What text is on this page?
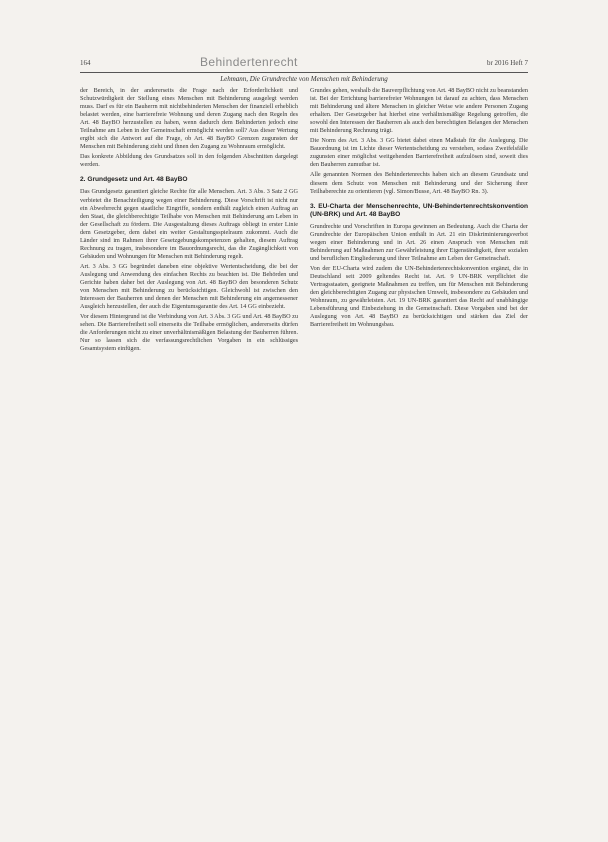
164	Behindertenrecht	br 2016 Heft 7
Lehmann, Die Grundrechte von Menschen mit Behinderung

der Bereich, in der andererseits die Frage nach der Erforderlichkeit und Schutzwürdigkeit der Stellung eines Menschen mit Behinderung ausgelegt werden muss. Darf es für ein Bauherrn mit nichtbehinderten Menschen der finanziell erheblich belastet werden, eine barrierefreie Wohnung und deren Zugang nach den Regeln des Art. 48 BayBO herzustellen zu haben, wenn dadurch dem Behinderten jedoch eine Teilnahme am Leben in der Gemeinschaft ermöglicht werden soll? Aus dieser Wertung ergibt sich die Antwort auf die Frage, ob Art. 48 BayBO Grenzen zugunsten der Menschen mit Behinderung zieht und ihnen den Zugang zu Wohnraum ermöglicht.

Das konkrete Abbildung des Grundsatzes soll in den folgenden Abschnitten dargelegt werden.

2. Grundgesetz und Art. 48 BayBO

Das Grundgesetz garantiert gleiche Rechte für alle Menschen. Art. 3 Abs. 3 Satz 2 GG verbietet die Benachteiligung wegen einer Behinderung. Diese Vorschrift ist nicht nur ein Abwehrrecht gegen staatliche Eingriffe, sondern enthält zugleich einen Auftrag an den Staat, die gleichberechtigte Teilhabe von Menschen mit Behinderung am Leben in der Gesellschaft zu fördern. Die Ausgestaltung dieses Auftrags obliegt in erster Linie dem Gesetzgeber, dem dabei ein weiter Gestaltungsspielraum zukommt. Auch die Länder sind im Rahmen ihrer Gesetzgebungskompetenzen gehalten, diesem Auftrag Rechnung zu tragen, insbesondere im Bauordnungsrecht, das die Zugänglichkeit von Gebäuden und Wohnungen für Menschen mit Behinderung regelt.

Art. 3 Abs. 3 GG begründet daneben eine objektive Wertentscheidung, die bei der Auslegung und Anwendung des einfachen Rechts zu beachten ist. Die Behörden und Gerichte haben daher bei der Auslegung von Art. 48 BayBO den besonderen Schutz von Menschen mit Behinderung zu berücksichtigen. Gleichwohl ist zwischen den Interessen der Bauherren und denen der Menschen mit Behinderung ein angemessener Ausgleich herzustellen, der auch die Eigentumsgarantie des Art. 14 GG einbezieht.

Vor diesem Hintergrund ist die Verbindung von Art. 3 Abs. 3 GG und Art. 48 BayBO zu sehen. Die Barrierefreiheit soll einerseits die Teilhabe ermöglichen, andererseits dürfen die Anforderungen nicht zu einer unverhältnismäßigen Belastung der Bauherren führen. Nur so lassen sich die verfassungsrechtlichen Vorgaben in ein schlüssiges Gesamtsystem einfügen.

Grundes gehen, weshalb die Bauverpflichtung von Art. 48 BayBO nicht zu beanstanden ist. Bei der Errichtung barrierefreier Wohnungen ist darauf zu achten, dass Menschen mit Behinderung und ältere Menschen in gleicher Weise wie andere Personen Zugang erhalten. Der Gesetzgeber hat hierbei eine verhältnismäßige Regelung getroffen, die sowohl den Interessen der Bauherren als auch den berechtigten Belangen der Menschen mit Behinderung Rechnung trägt.

Die Norm des Art. 3 Abs. 3 GG bietet dabei einen Maßstab für die Auslegung. Die Bauordnung ist im Lichte dieser Wertentscheidung zu verstehen, sodass Zweifelsfälle zugunsten einer möglichst weitgehenden Barrierefreiheit aufzulösen sind, soweit dies den Bauherren zumutbar ist.

Alle genannten Normen des Behindertenrechts haben sich an diesem Grundsatz und diesem dem Schutz von Menschen mit Behinderung und der Sicherung ihrer Teilhaberechte zu orientieren (vgl. Simon/Busse, Art. 48 BayBO Rn. 3).

3. EU-Charta der Menschenrechte, UN-Behindertenrechtskonvention (UN-BRK) und Art. 48 BayBO

Grundrechte und Vorschriften in Europa gewinnen an Bedeutung. Auch die Charta der Grundrechte der Europäischen Union enthält in Art. 21 ein Diskriminierungsverbot wegen einer Behinderung und in Art. 26 einen Anspruch von Menschen mit Behinderung auf Maßnahmen zur Gewährleistung ihrer Eigenständigkeit, ihrer sozialen und beruflichen Eingliederung und ihrer Teilnahme am Leben der Gemeinschaft.

Von der EU-Charta wird zudem die UN-Behindertenrechtskonvention ergänzt, die in Deutschland seit 2009 geltendes Recht ist. Art. 9 UN-BRK verpflichtet die Vertragsstaaten, geeignete Maßnahmen zu treffen, um für Menschen mit Behinderung den gleichberechtigten Zugang zur physischen Umwelt, insbesondere zu Gebäuden und Wohnraum, zu gewährleisten. Art. 19 UN-BRK garantiert das Recht auf unabhängige Lebensführung und Einbeziehung in die Gemeinschaft. Diese Vorgaben sind bei der Auslegung von Art. 48 BayBO zu berücksichtigen und stärken das Ziel der Barrierefreiheit im Wohnungsbau.
